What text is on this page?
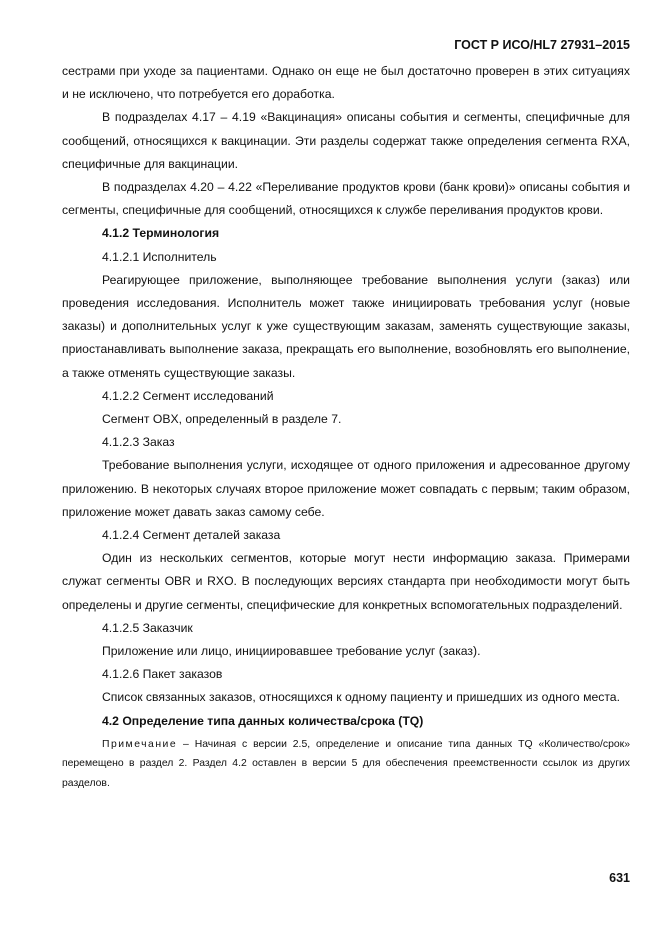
ГОСТ Р ИСО/HL7 27931–2015

сестрами при уходе за пациентами. Однако он еще не был достаточно проверен в этих ситуациях и не исключено, что потребуется его доработка.

В подразделах 4.17 – 4.19 «Вакцинация» описаны события и сегменты, специфичные для сообщений, относящихся к вакцинации. Эти разделы содержат также определения сегмента RXA, специфичные для вакцинации.

В подразделах 4.20 – 4.22 «Переливание продуктов крови (банк крови)» описаны события и сегменты, специфичные для сообщений, относящихся к службе переливания продуктов крови.

4.1.2 Терминология

4.1.2.1 Исполнитель

Реагирующее приложение, выполняющее требование выполнения услуги (заказ) или проведения исследования. Исполнитель может также инициировать требования услуг (новые заказы) и дополнительных услуг к уже существующим заказам, заменять существующие заказы, приостанавливать выполнение заказа, прекращать его выполнение, возобновлять его выполнение, а также отменять существующие заказы.

4.1.2.2 Сегмент исследований

Сегмент OBX, определенный в разделе 7.

4.1.2.3 Заказ

Требование выполнения услуги, исходящее от одного приложения и адресованное другому приложению. В некоторых случаях второе приложение может совпадать с первым; таким образом, приложение может давать заказ самому себе.

4.1.2.4 Сегмент деталей заказа

Один из нескольких сегментов, которые могут нести информацию заказа. Примерами служат сегменты OBR и RXO. В последующих версиях стандарта при необходимости могут быть определены и другие сегменты, специфические для конкретных вспомогательных подразделений.

4.1.2.5 Заказчик

Приложение или лицо, инициировавшее требование услуг (заказ).

4.1.2.6 Пакет заказов

Список связанных заказов, относящихся к одному пациенту и пришедших из одного места.

4.2 Определение типа данных количества/срока (TQ)

Примечание – Начиная с версии 2.5, определение и описание типа данных TQ «Количество/срок» перемещено в раздел 2. Раздел 4.2 оставлен в версии 5 для обеспечения преемственности ссылок из других разделов.

631
